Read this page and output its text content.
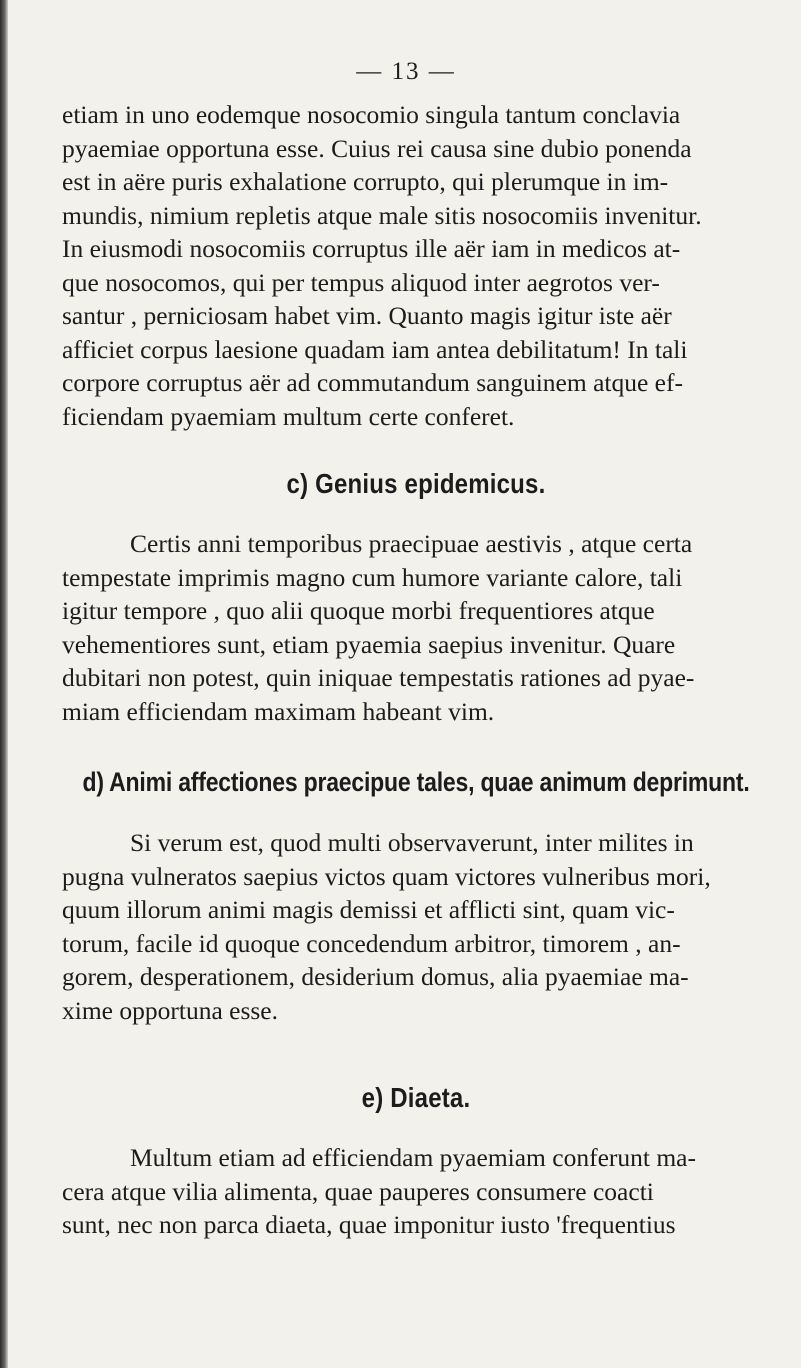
— 13 —

etiam in uno eodemque nosocomio singula tantum conclavia
pyaemiae opportuna esse. Cuius rei causa sine dubio ponenda
est in aëre puris exhalatione corrupto, qui plerumque in im-
mundis, nimium repletis atque male sitis nosocomiis invenitur.
In eiusmodi nosocomiis corruptus ille aër iam in medicos at-
que nosocomos, qui per tempus aliquod inter aegrotos ver-
santur , perniciosam habet vim. Quanto magis igitur iste aër
afficiet corpus laesione quadam iam antea debilitatum! In tali
corpore corruptus aër ad commutandum sanguinem atque ef-
ficiendam pyaemiam multum certe conferet.

c) Genius epidemicus.

Certis anni temporibus praecipuae aestivis , atque certa
tempestate imprimis magno cum humore variante calore, tali
igitur tempore , quo alii quoque morbi frequentiores atque
vehementiores sunt, etiam pyaemia saepius invenitur. Quare
dubitari non potest, quin iniquae tempestatis rationes ad pyae-
miam efficiendam maximam habeant vim.

d) Animi affectiones praecipue tales, quae animum deprimunt.

Si verum est, quod multi observaverunt, inter milites in
pugna vulneratos saepius victos quam victores vulneribus mori,
quum illorum animi magis demissi et afflicti sint, quam vic-
torum, facile id quoque concedendum arbitror, timorem , an-
gorem, desperationem, desiderium domus, alia pyaemiae ma-
xime opportuna esse.

e) Diaeta.

Multum etiam ad efficiendam pyaemiam conferunt ma-
cera atque vilia alimenta, quae pauperes consumere coacti
sunt, nec non parca diaeta, quae imponitur iusto 'frequentius
